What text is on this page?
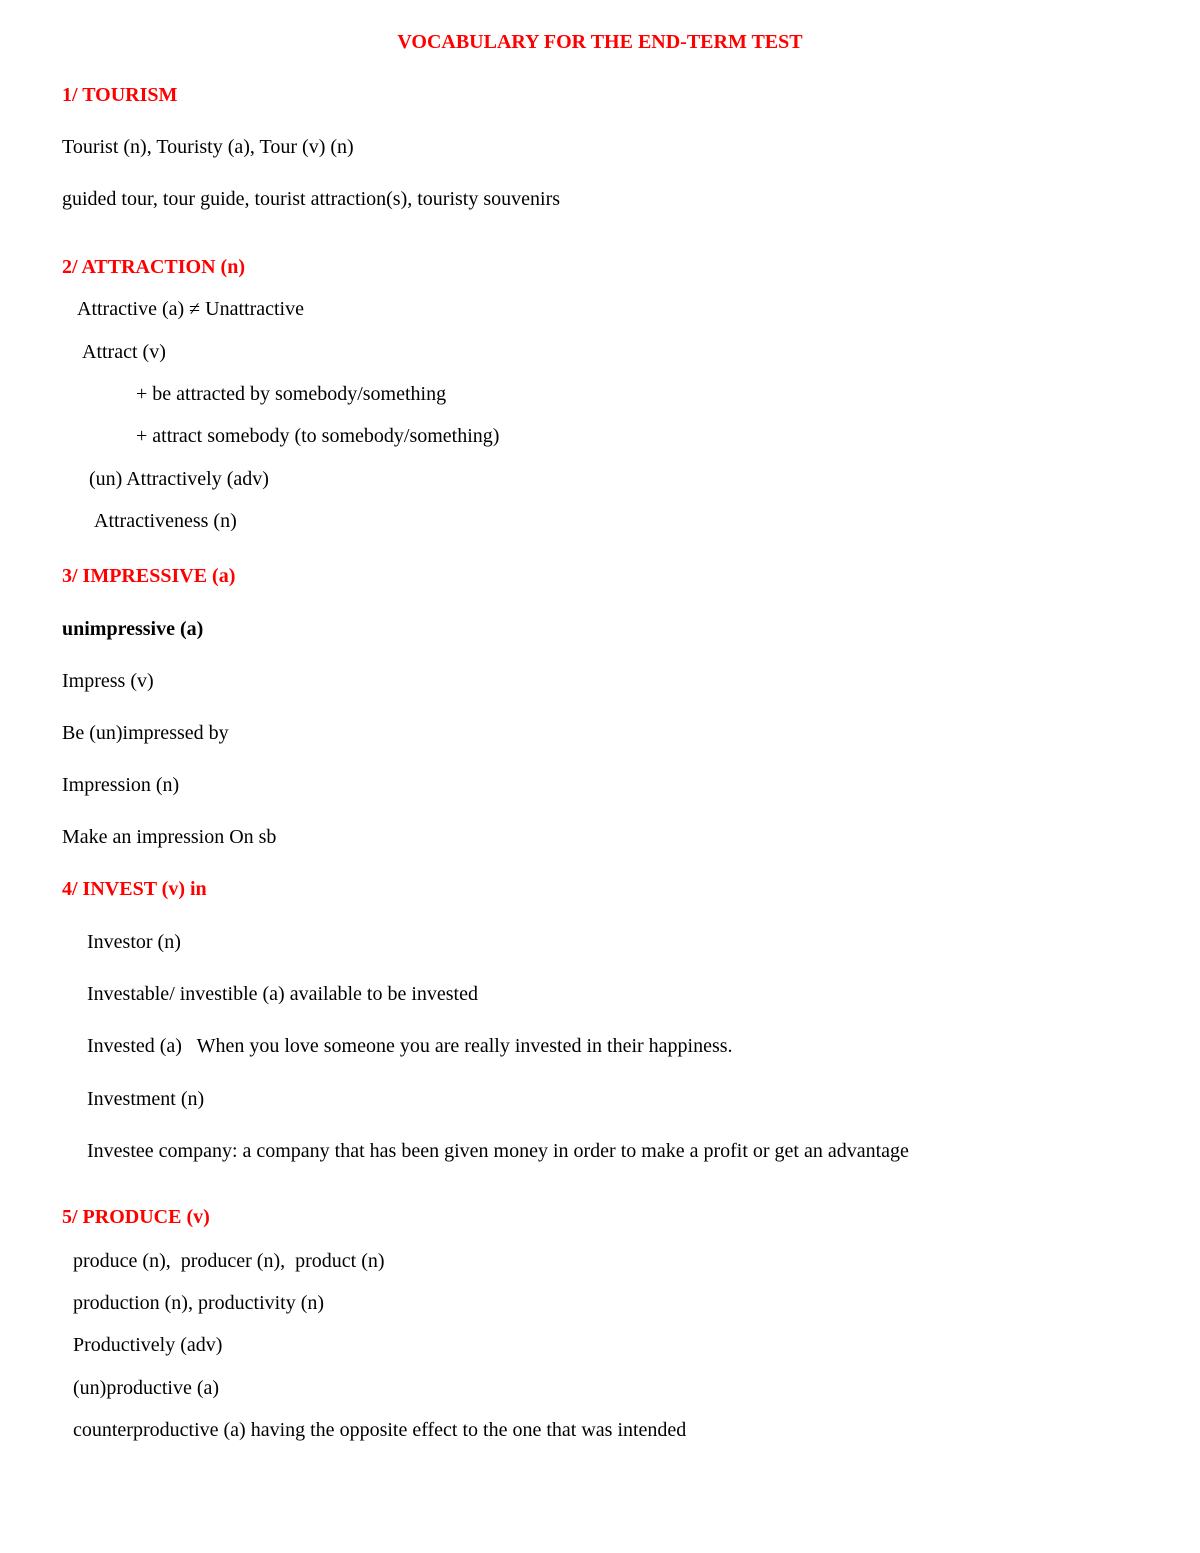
VOCABULARY FOR THE END-TERM TEST
1/ TOURISM
Tourist (n), Touristy (a), Tour (v) (n)
guided tour, tour guide, tourist attraction(s), touristy souvenirs
2/ ATTRACTION (n)
Attractive (a) ≠ Unattractive
Attract (v)
+ be attracted by somebody/something
+ attract somebody (to somebody/something)
(un) Attractively (adv)
Attractiveness (n)
3/ IMPRESSIVE (a)
unimpressive (a)
Impress (v)
Be (un)impressed by
Impression (n)
Make an impression On sb
4/ INVEST (v) in
Investor (n)
Investable/ investible (a) available to be invested
Invested (a)   When you love someone you are really invested in their happiness.
Investment (n)
Investee company: a company that has been given money in order to make a profit or get an advantage
5/ PRODUCE (v)
produce (n),  producer (n),  product (n)
production (n), productivity (n)
Productively (adv)
(un)productive (a)
counterproductive (a) having the opposite effect to the one that was intended
